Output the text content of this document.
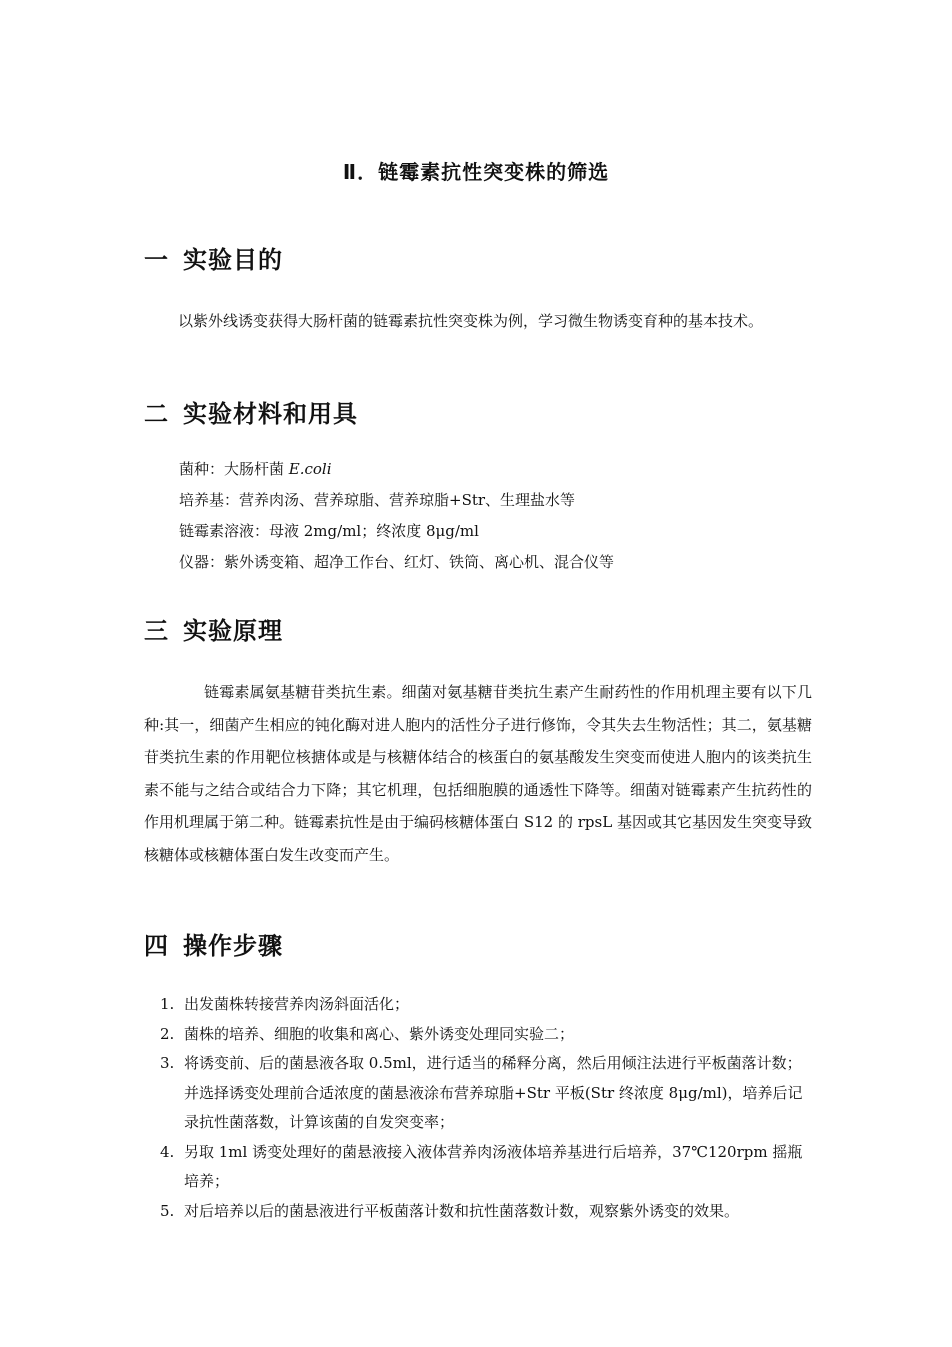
Ⅱ．链霉素抗性突变株的筛选
一 实验目的

以紫外线诱变获得大肠杆菌的链霉素抗性突变株为例，学习微生物诱变育种的基本技术。

二 实验材料和用具
菌种：大肠杆菌 E.coli
培养基：营养肉汤、营养琼脂、营养琼脂+Str、生理盐水等
链霉素溶液：母液 2mg/ml；终浓度 8μg/ml
仪器：紫外诱变箱、超净工作台、红灯、铁筒、离心机、混合仪等
三 实验原理

链霉素属氨基糖苷类抗生素。细菌对氨基糖苷类抗生素产生耐药性的作用机理主要有以下几种:其一，细菌产生相应的钝化酶对进人胞内的活性分子进行修饰，令其失去生物活性；其二，氨基糖苷类抗生素的作用靶位核搪体或是与核糖体结合的核蛋白的氨基酸发生突变而使进人胞内的该类抗生素不能与之结合或结合力下降；其它机理，包括细胞膜的通透性下降等。细菌对链霉素产生抗药性的作用机理属于第二种。链霉素抗性是由于编码核糖体蛋白 S12 的 rpsL 基因或其它基因发生突变导致核糖体或核糖体蛋白发生改变而产生。

四 操作步骤
1. 出发菌株转接营养肉汤斜面活化；
2. 菌株的培养、细胞的收集和离心、紫外诱变处理同实验二；
3. 将诱变前、后的菌悬液各取 0.5ml，进行适当的稀释分离，然后用倾注法进行平板菌落计数；并选择诱变处理前合适浓度的菌悬液涂布营养琼脂+Str 平板(Str 终浓度 8μg/ml)，培养后记录抗性菌落数，计算该菌的自发突变率；
4. 另取 1ml 诱变处理好的菌悬液接入液体营养肉汤液体培养基进行后培养，37℃120rpm 摇瓶培养；
5. 对后培养以后的菌悬液进行平板菌落计数和抗性菌落数计数，观察紫外诱变的效果。
